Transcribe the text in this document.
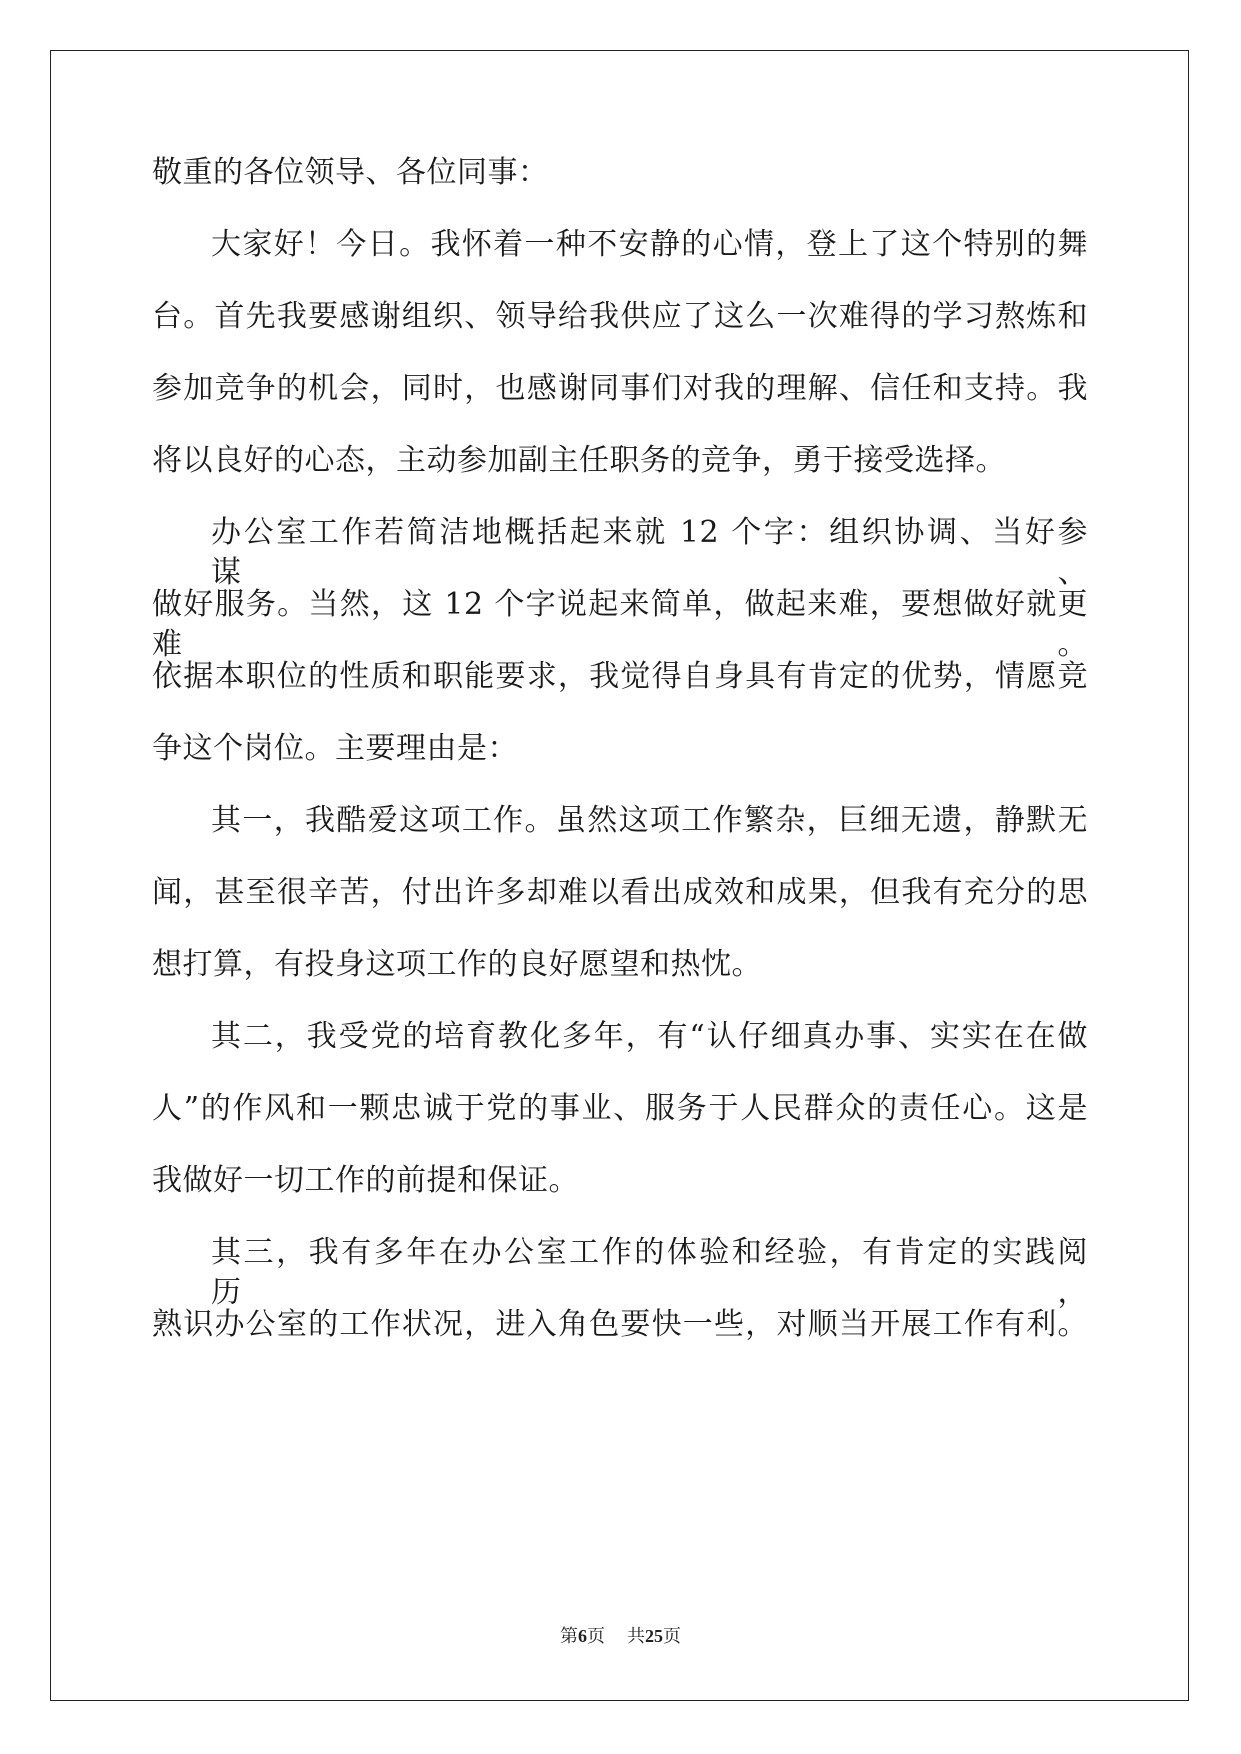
敬重的各位领导、各位同事：
大家好！今日。我怀着一种不安静的心情，登上了这个特别的舞
台。首先我要感谢组织、领导给我供应了这么一次难得的学习熬炼和
参加竞争的机会，同时，也感谢同事们对我的理解、信任和支持。我
将以良好的心态，主动参加副主任职务的竞争，勇于接受选择。
办公室工作若简洁地概括起来就 12 个字：组织协调、当好参谋、
做好服务。当然，这 12 个字说起来简单，做起来难，要想做好就更难。
依据本职位的性质和职能要求，我觉得自身具有肯定的优势，情愿竞
争这个岗位。主要理由是：
其一，我酷爱这项工作。虽然这项工作繁杂，巨细无遗，静默无
闻，甚至很辛苦，付出许多却难以看出成效和成果，但我有充分的思
想打算，有投身这项工作的良好愿望和热忱。
其二，我受党的培育教化多年，有“认仔细真办事、实实在在做
人”的作风和一颗忠诚于党的事业、服务于人民群众的责任心。这是
我做好一切工作的前提和保证。
其三，我有多年在办公室工作的体验和经验，有肯定的实践阅历，
熟识办公室的工作状况，进入角色要快一些，对顺当开展工作有利。
第6页 共25页
